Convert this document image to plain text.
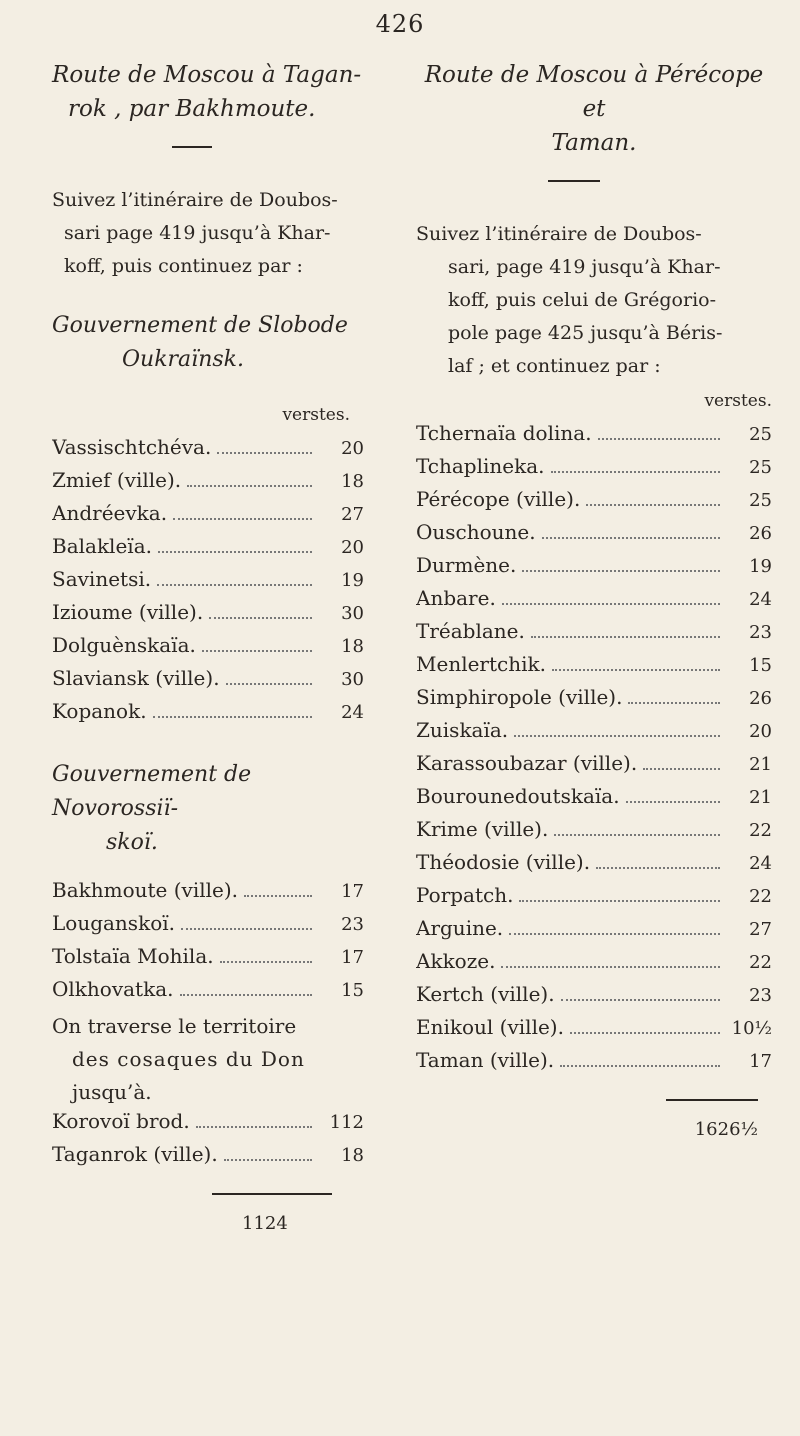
426
Route de Moscou à Tagan-
rok , par Bakhmoute.

Suivez l’itinéraire de Doubos-
sari page 419 jusqu’à Khar-
koff, puis continuez par :

Gouvernement de Slobode
Oukraïnsk.
verstes.
Vassischtchéva.	20
Zmief (ville).	18
Andréevka.	27
Balakleïa.	20
Savinetsi.	19
Izioume (ville).	30
Dolguènskaïa.	18
Slaviansk (ville).	30
Kopanok.	24
Gouvernement de Novorossiï-
skoï.
Bakhmoute (ville).	17
Louganskoï.	23
Tolstaïa Mohila.	17
Olkhovatka.	15

On traverse le territoire
des cosaques du Don
jusqu’à.

Korovoï brod.	112
Taganrok (ville).	18
1124
Route de Moscou à Pérécope et
Taman.

Suivez l’itinéraire de Doubos-
sari, page 419 jusqu’à Khar-
koff, puis celui de Grégorio-
pole page 425 jusqu’à Béris-
laf ; et continuez par :

verstes.
Tchernaïa dolina.	25
Tchaplineka.	25
Pérécope (ville).	25
Ouschoune.	26
Durmène.	19
Anbare.	24
Tréablane.	23
Menlertchik.	15
Simphiropole (ville).	26
Zuiskaïa.	20
Karassoubazar (ville).	21
Bourounedoutskaïa.	21
Krime (ville).	22
Théodosie (ville).	24
Porpatch.	22
Arguine.	27
Akkoze.	22
Kertch (ville).	23
Enikoul (ville).	10½
Taman (ville).	17
1626½
